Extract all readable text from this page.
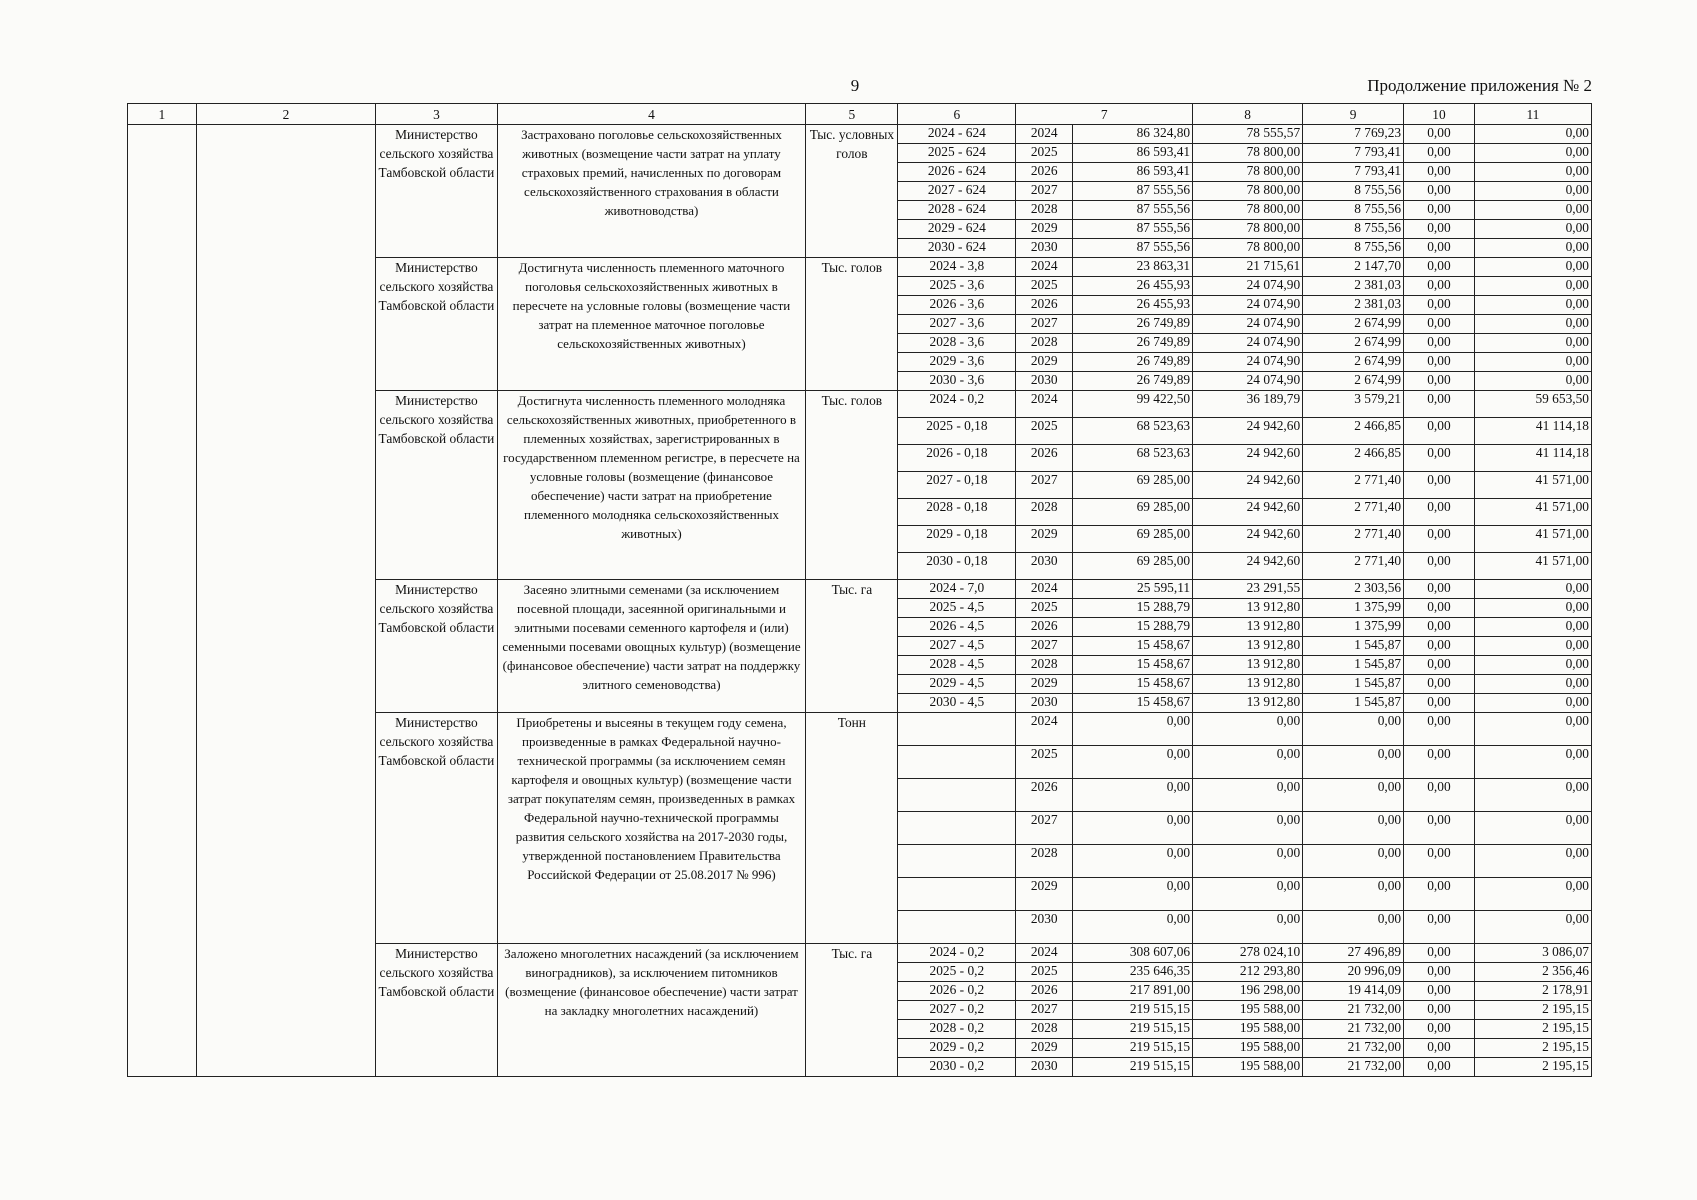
9	Продолжение приложения № 2
1	2	3	4	5	6	7		8	9	10	11
		Министерство сельского хозяйства Тамбовской области	Застраховано поголовье сельскохозяйственных животных (возмещение части затрат на уплату страховых премий, начисленных по договорам сельскохозяйственного страхования в области животноводства)	Тыс. условных голов	2024 - 624	2024	86 324,80	78 555,57	7 769,23	0,00	0,00
					2025 - 624	2025	86 593,41	78 800,00	7 793,41	0,00	0,00
					2026 - 624	2026	86 593,41	78 800,00	7 793,41	0,00	0,00
					2027 - 624	2027	87 555,56	78 800,00	8 755,56	0,00	0,00
					2028 - 624	2028	87 555,56	78 800,00	8 755,56	0,00	0,00
					2029 - 624	2029	87 555,56	78 800,00	8 755,56	0,00	0,00
					2030 - 624	2030	87 555,56	78 800,00	8 755,56	0,00	0,00
		Министерство сельского хозяйства Тамбовской области	Достигнута численность племенного маточного поголовья сельскохозяйственных животных в пересчете на условные головы (возмещение части затрат на племенное маточное поголовье сельскохозяйственных животных)	Тыс. голов	2024 - 3,8	2024	23 863,31	21 715,61	2 147,70	0,00	0,00
					2025 - 3,6	2025	26 455,93	24 074,90	2 381,03	0,00	0,00
					2026 - 3,6	2026	26 455,93	24 074,90	2 381,03	0,00	0,00
					2027 - 3,6	2027	26 749,89	24 074,90	2 674,99	0,00	0,00
					2028 - 3,6	2028	26 749,89	24 074,90	2 674,99	0,00	0,00
					2029 - 3,6	2029	26 749,89	24 074,90	2 674,99	0,00	0,00
					2030 - 3,6	2030	26 749,89	24 074,90	2 674,99	0,00	0,00
		Министерство сельского хозяйства Тамбовской области	Достигнута численность племенного молодняка сельскохозяйственных животных, приобретенного в племенных хозяйствах, зарегистрированных в государственном племенном регистре, в пересчете на условные головы (возмещение (финансовое обеспечение) части затрат на приобретение племенного молодняка сельскохозяйственных животных)	Тыс. голов	2024 - 0,2	2024	99 422,50	36 189,79	3 579,21	0,00	59 653,50
					2025 - 0,18	2025	68 523,63	24 942,60	2 466,85	0,00	41 114,18
					2026 - 0,18	2026	68 523,63	24 942,60	2 466,85	0,00	41 114,18
					2027 - 0,18	2027	69 285,00	24 942,60	2 771,40	0,00	41 571,00
					2028 - 0,18	2028	69 285,00	24 942,60	2 771,40	0,00	41 571,00
					2029 - 0,18	2029	69 285,00	24 942,60	2 771,40	0,00	41 571,00
					2030 - 0,18	2030	69 285,00	24 942,60	2 771,40	0,00	41 571,00
		Министерство сельского хозяйства Тамбовской области	Засеяно элитными семенами (за исключением посевной площади, засеянной оригинальными и элитными посевами семенного картофеля и (или) семенными посевами овощных культур) (возмещение (финансовое обеспечение) части затрат на поддержку элитного семеноводства)	Тыс. га	2024 - 7,0	2024	25 595,11	23 291,55	2 303,56	0,00	0,00
					2025 - 4,5	2025	15 288,79	13 912,80	1 375,99	0,00	0,00
					2026 - 4,5	2026	15 288,79	13 912,80	1 375,99	0,00	0,00
					2027 - 4,5	2027	15 458,67	13 912,80	1 545,87	0,00	0,00
					2028 - 4,5	2028	15 458,67	13 912,80	1 545,87	0,00	0,00
					2029 - 4,5	2029	15 458,67	13 912,80	1 545,87	0,00	0,00
					2030 - 4,5	2030	15 458,67	13 912,80	1 545,87	0,00	0,00
		Министерство сельского хозяйства Тамбовской области	Приобретены и высеяны в текущем году семена, произведенные в рамках Федеральной научно-технической программы (за исключением семян картофеля и овощных культур) (возмещение части затрат покупателям семян, произведенных в рамках Федеральной научно-технической программы развития сельского хозяйства на 2017-2030 годы, утвержденной постановлением Правительства Российской Федерации от 25.08.2017 № 996)	Тонн		2024	0,00	0,00	0,00	0,00	0,00
						2025	0,00	0,00	0,00	0,00	0,00
						2026	0,00	0,00	0,00	0,00	0,00
						2027	0,00	0,00	0,00	0,00	0,00
						2028	0,00	0,00	0,00	0,00	0,00
						2029	0,00	0,00	0,00	0,00	0,00
						2030	0,00	0,00	0,00	0,00	0,00
		Министерство сельского хозяйства Тамбовской области	Заложено многолетних насаждений (за исключением виноградников), за исключением питомников (возмещение (финансовое обеспечение) части затрат на закладку многолетних насаждений)	Тыс. га	2024 - 0,2	2024	308 607,06	278 024,10	27 496,89	0,00	3 086,07
					2025 - 0,2	2025	235 646,35	212 293,80	20 996,09	0,00	2 356,46
					2026 - 0,2	2026	217 891,00	196 298,00	19 414,09	0,00	2 178,91
					2027 - 0,2	2027	219 515,15	195 588,00	21 732,00	0,00	2 195,15
					2028 - 0,2	2028	219 515,15	195 588,00	21 732,00	0,00	2 195,15
					2029 - 0,2	2029	219 515,15	195 588,00	21 732,00	0,00	2 195,15
					2030 - 0,2	2030	219 515,15	195 588,00	21 732,00	0,00	2 195,15
